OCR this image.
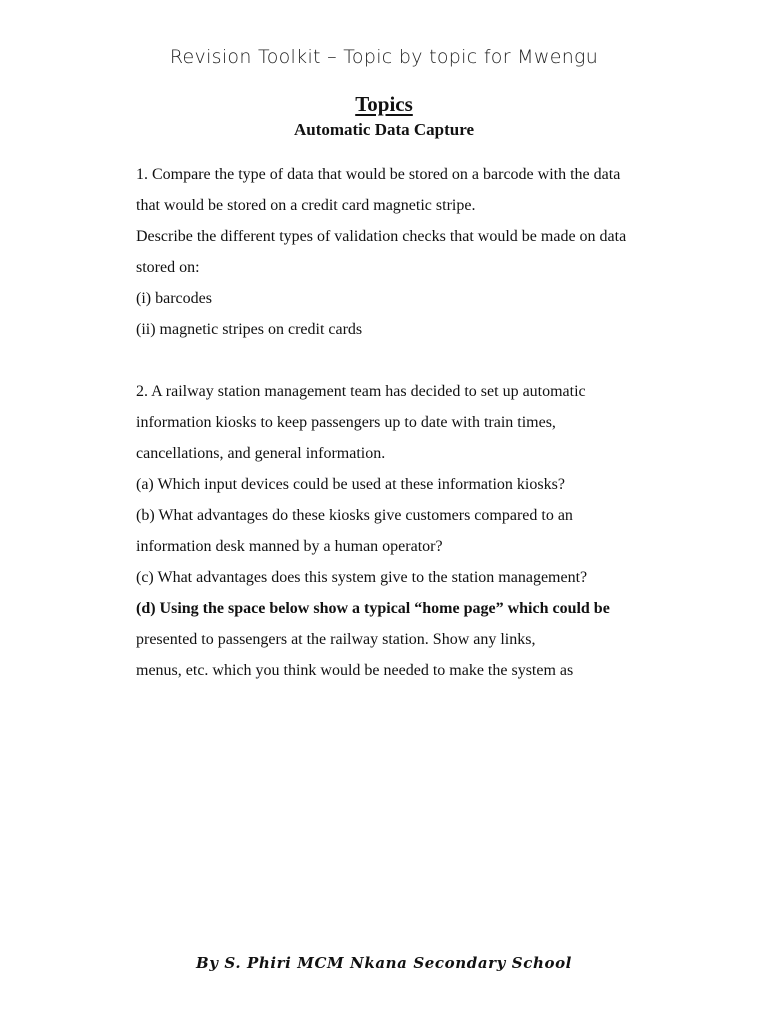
Revision Toolkit – Topic by topic for Mwengu
Topics
Automatic Data Capture
1. Compare the type of data that would be stored on a barcode with the data
that would be stored on a credit card magnetic stripe.
Describe the different types of validation checks that would be made on data
stored on:
(i) barcodes
(ii) magnetic stripes on credit cards
2. A railway station management team has decided to set up automatic
information kiosks to keep passengers up to date with train times,
cancellations, and general information.
(a) Which input devices could be used at these information kiosks?
(b) What advantages do these kiosks give customers compared to an
information desk manned by a human operator?
(c) What advantages does this system give to the station management?
(d) Using the space below show a typical “home page” which could be
presented to passengers at the railway station. Show any links,
menus, etc. which you think would be needed to make the system as
By S. Phiri MCM Nkana Secondary School
